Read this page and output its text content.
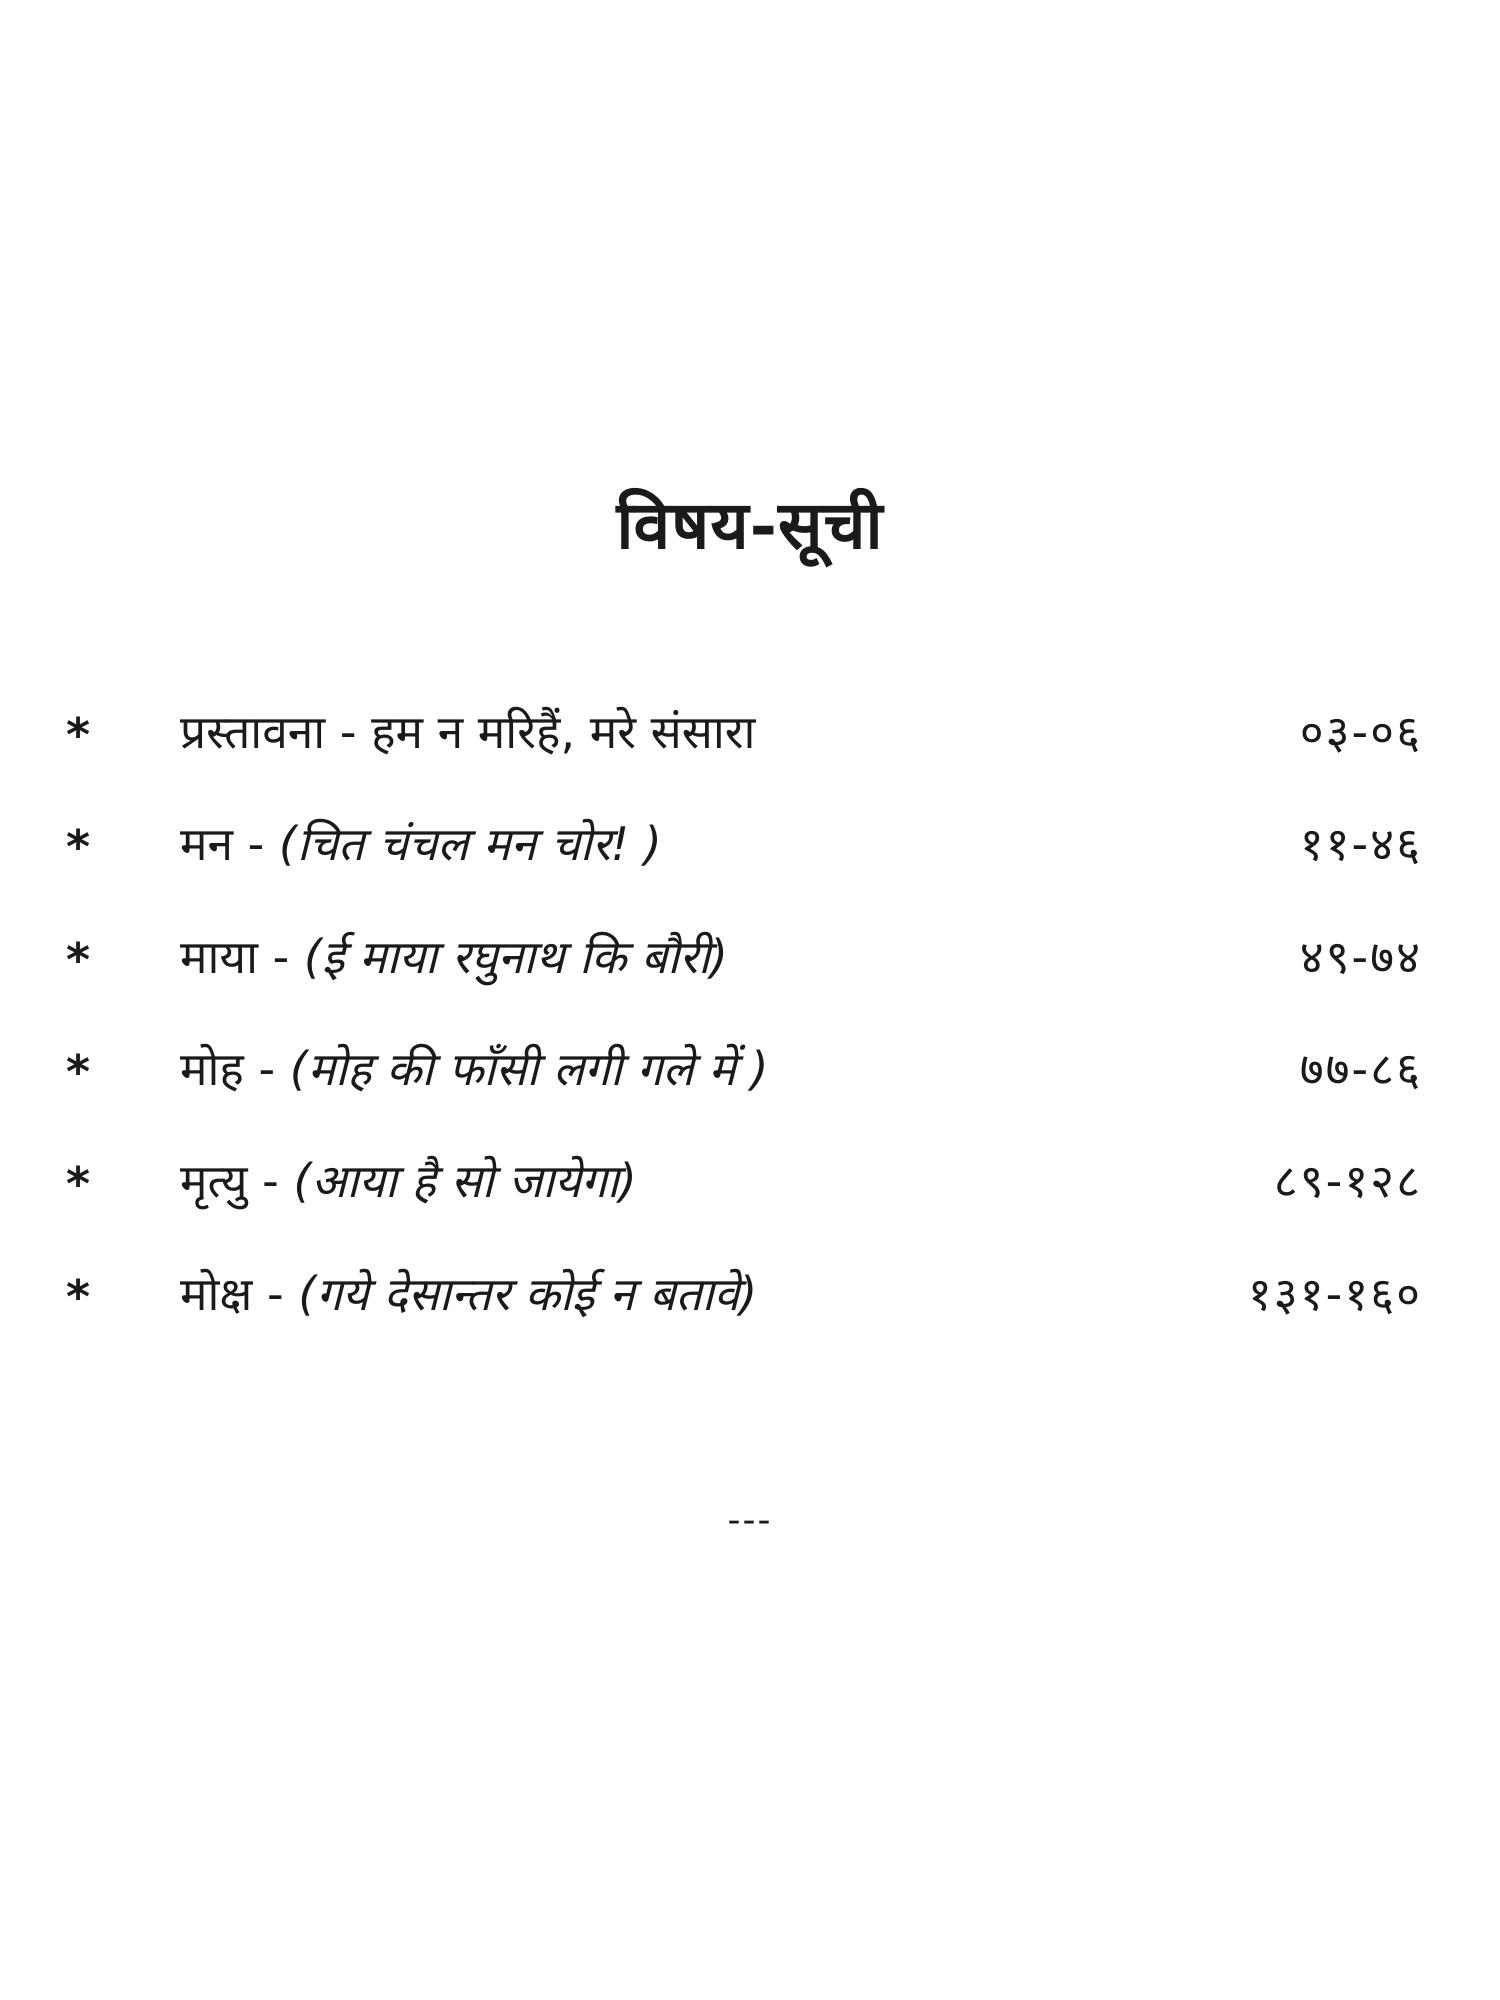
विषय-सूची
* प्रस्तावना - हम न मरिहैं, मरे संसारा	०३-०६
* मन - (चित चंचल मन चोर! )	११-४६
* माया - (ई माया रघुनाथ कि बौरी)	४९-७४
* मोह - (मोह की फाँसी लगी गले में )	७७-८६
* मृत्यु - (आया है सो जायेगा)	८९-१२८
* मोक्ष - (गये देसान्तर कोई न बतावे)	१३१-१६०
---
